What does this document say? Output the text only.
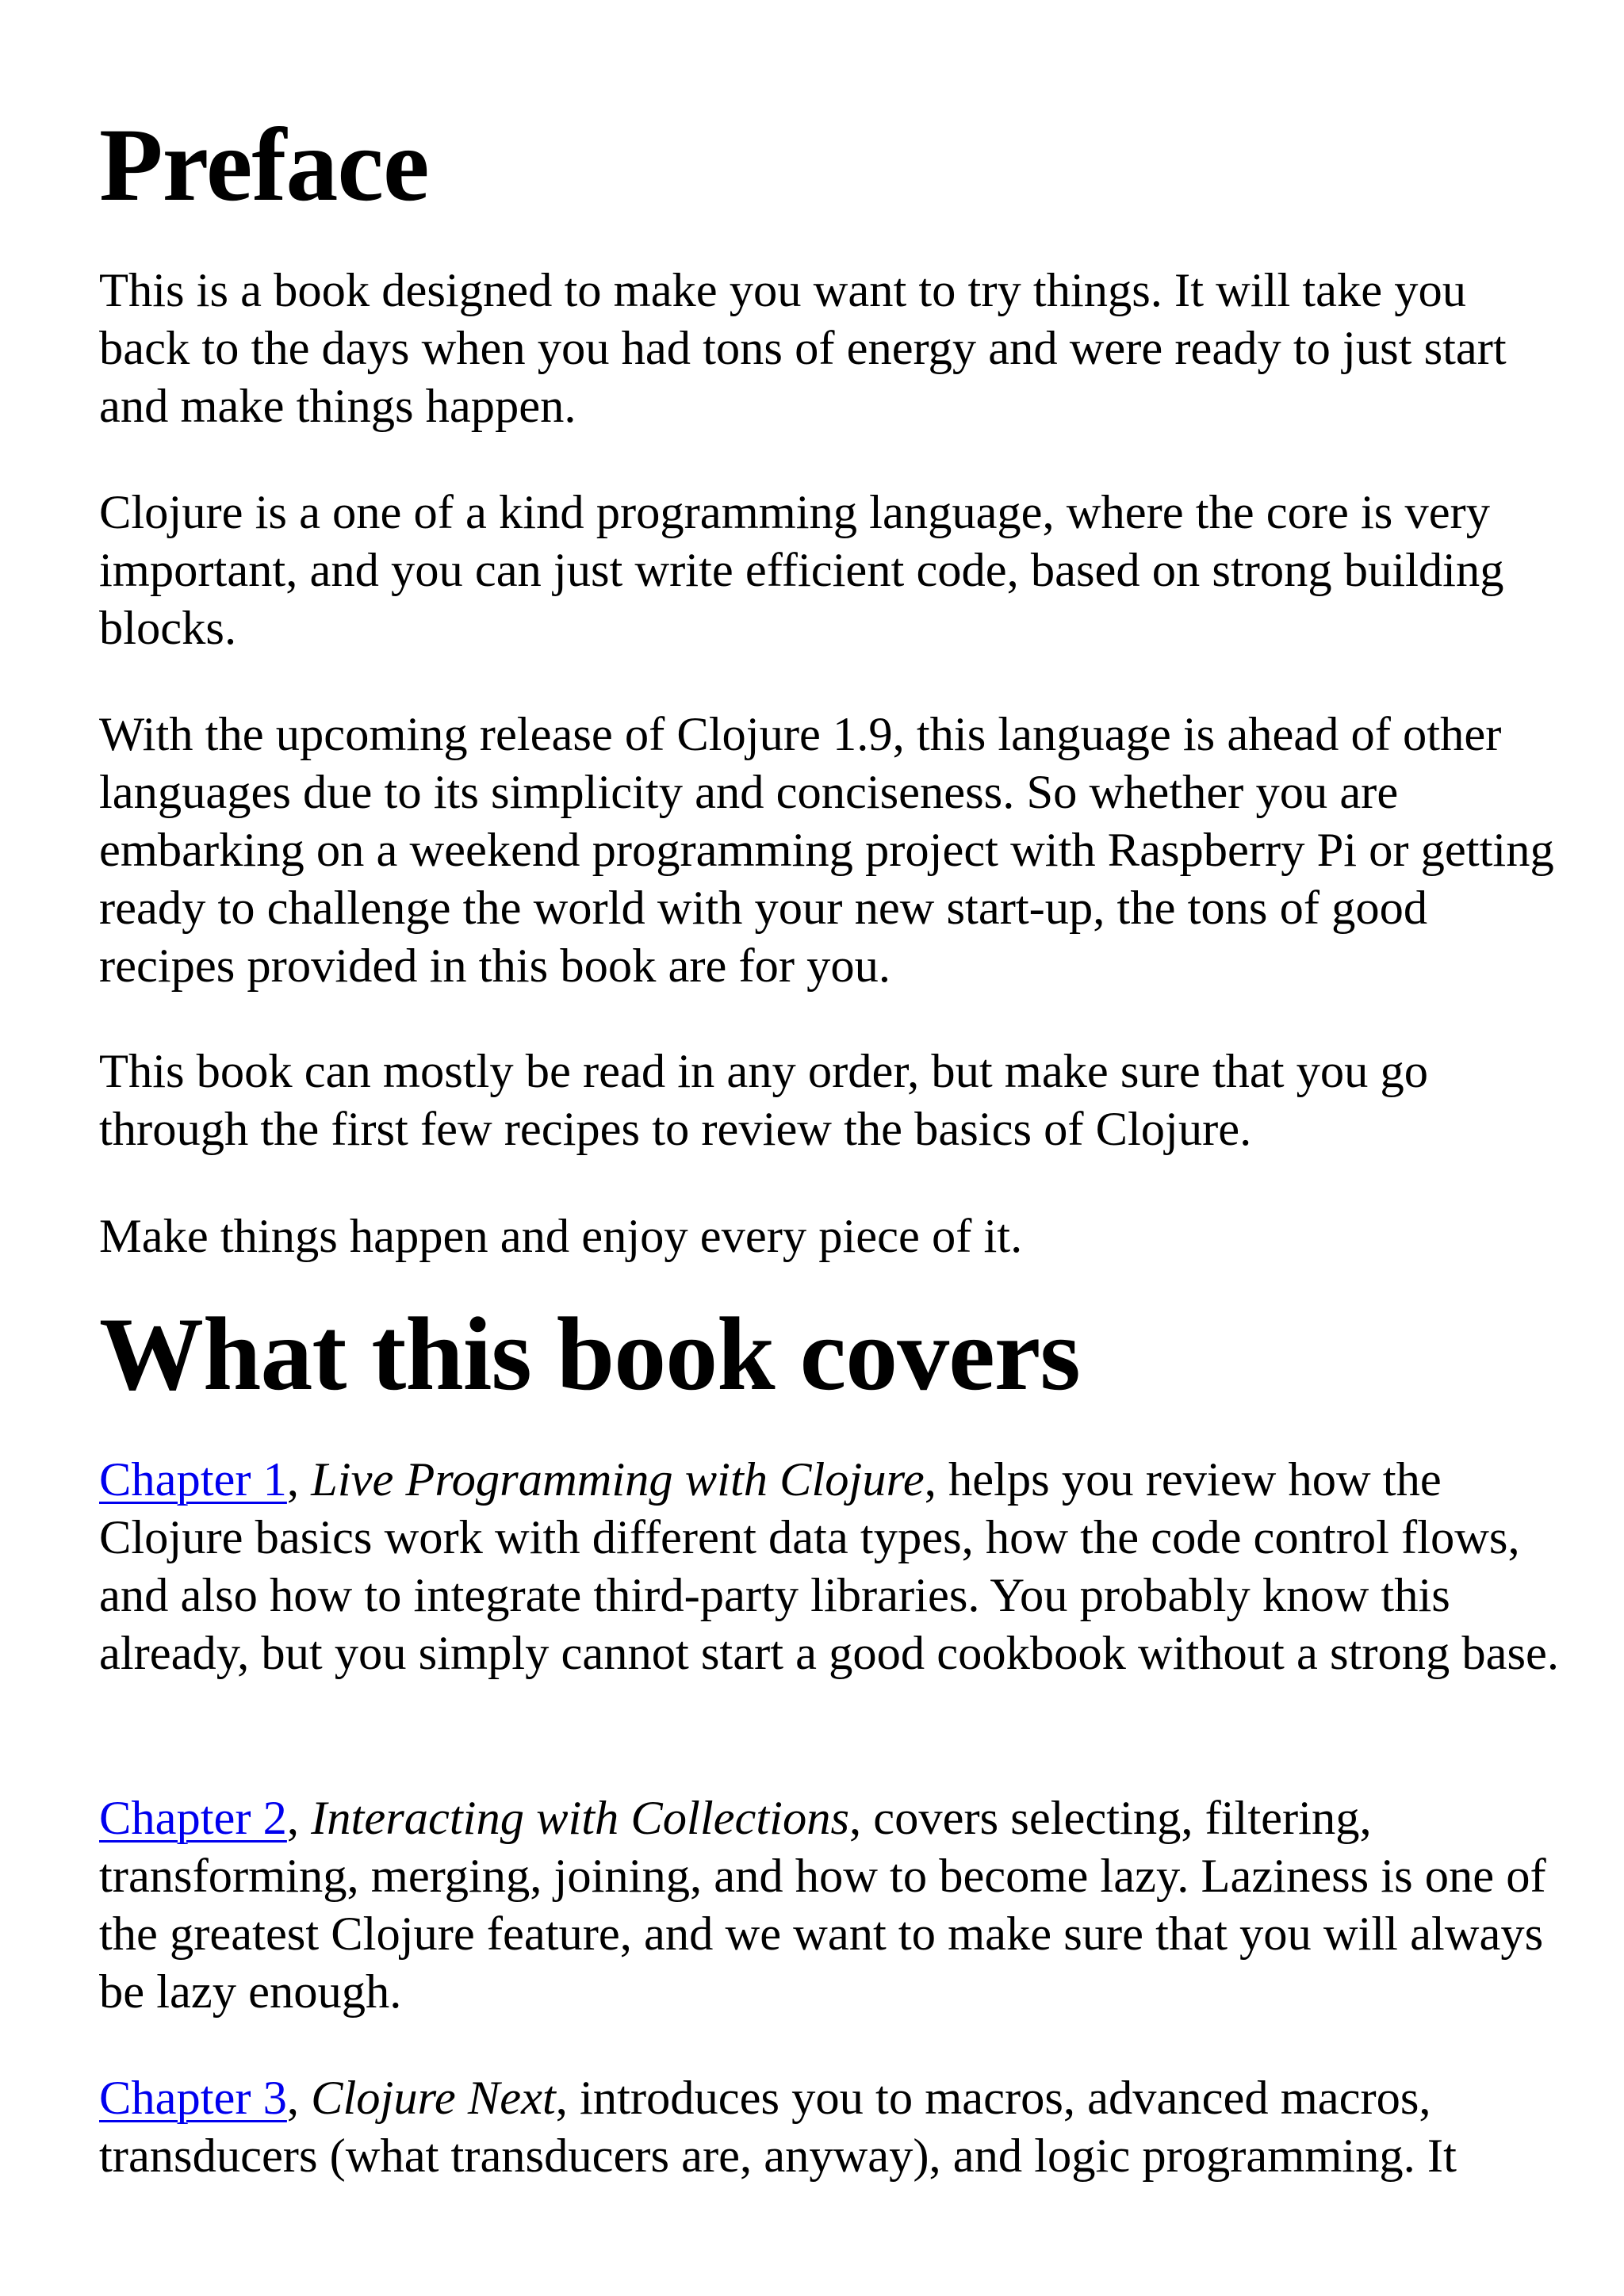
Preface

This is a book designed to make you want to try things. It will take you back to the days when you had tons of energy and were ready to just start and make things happen.

Clojure is a one of a kind programming language, where the core is very important, and you can just write efficient code, based on strong building blocks.

With the upcoming release of Clojure 1.9, this language is ahead of other languages due to its simplicity and conciseness. So whether you are embarking on a weekend programming project with Raspberry Pi or getting ready to challenge the world with your new start-up, the tons of good recipes provided in this book are for you.

This book can mostly be read in any order, but make sure that you go through the first few recipes to review the basics of Clojure.

Make things happen and enjoy every piece of it.

What this book covers

Chapter 1, Live Programming with Clojure, helps you review how the Clojure basics work with different data types, how the code control flows, and also how to integrate third-party libraries. You probably know this already, but you simply cannot start a good cookbook without a strong base.

Chapter 2, Interacting with Collections, covers selecting, filtering, transforming, merging, joining, and how to become lazy. Laziness is one of the greatest Clojure feature, and we want to make sure that you will always be lazy enough.

Chapter 3, Clojure Next, introduces you to macros, advanced macros, transducers (what transducers are, anyway), and logic programming. It
